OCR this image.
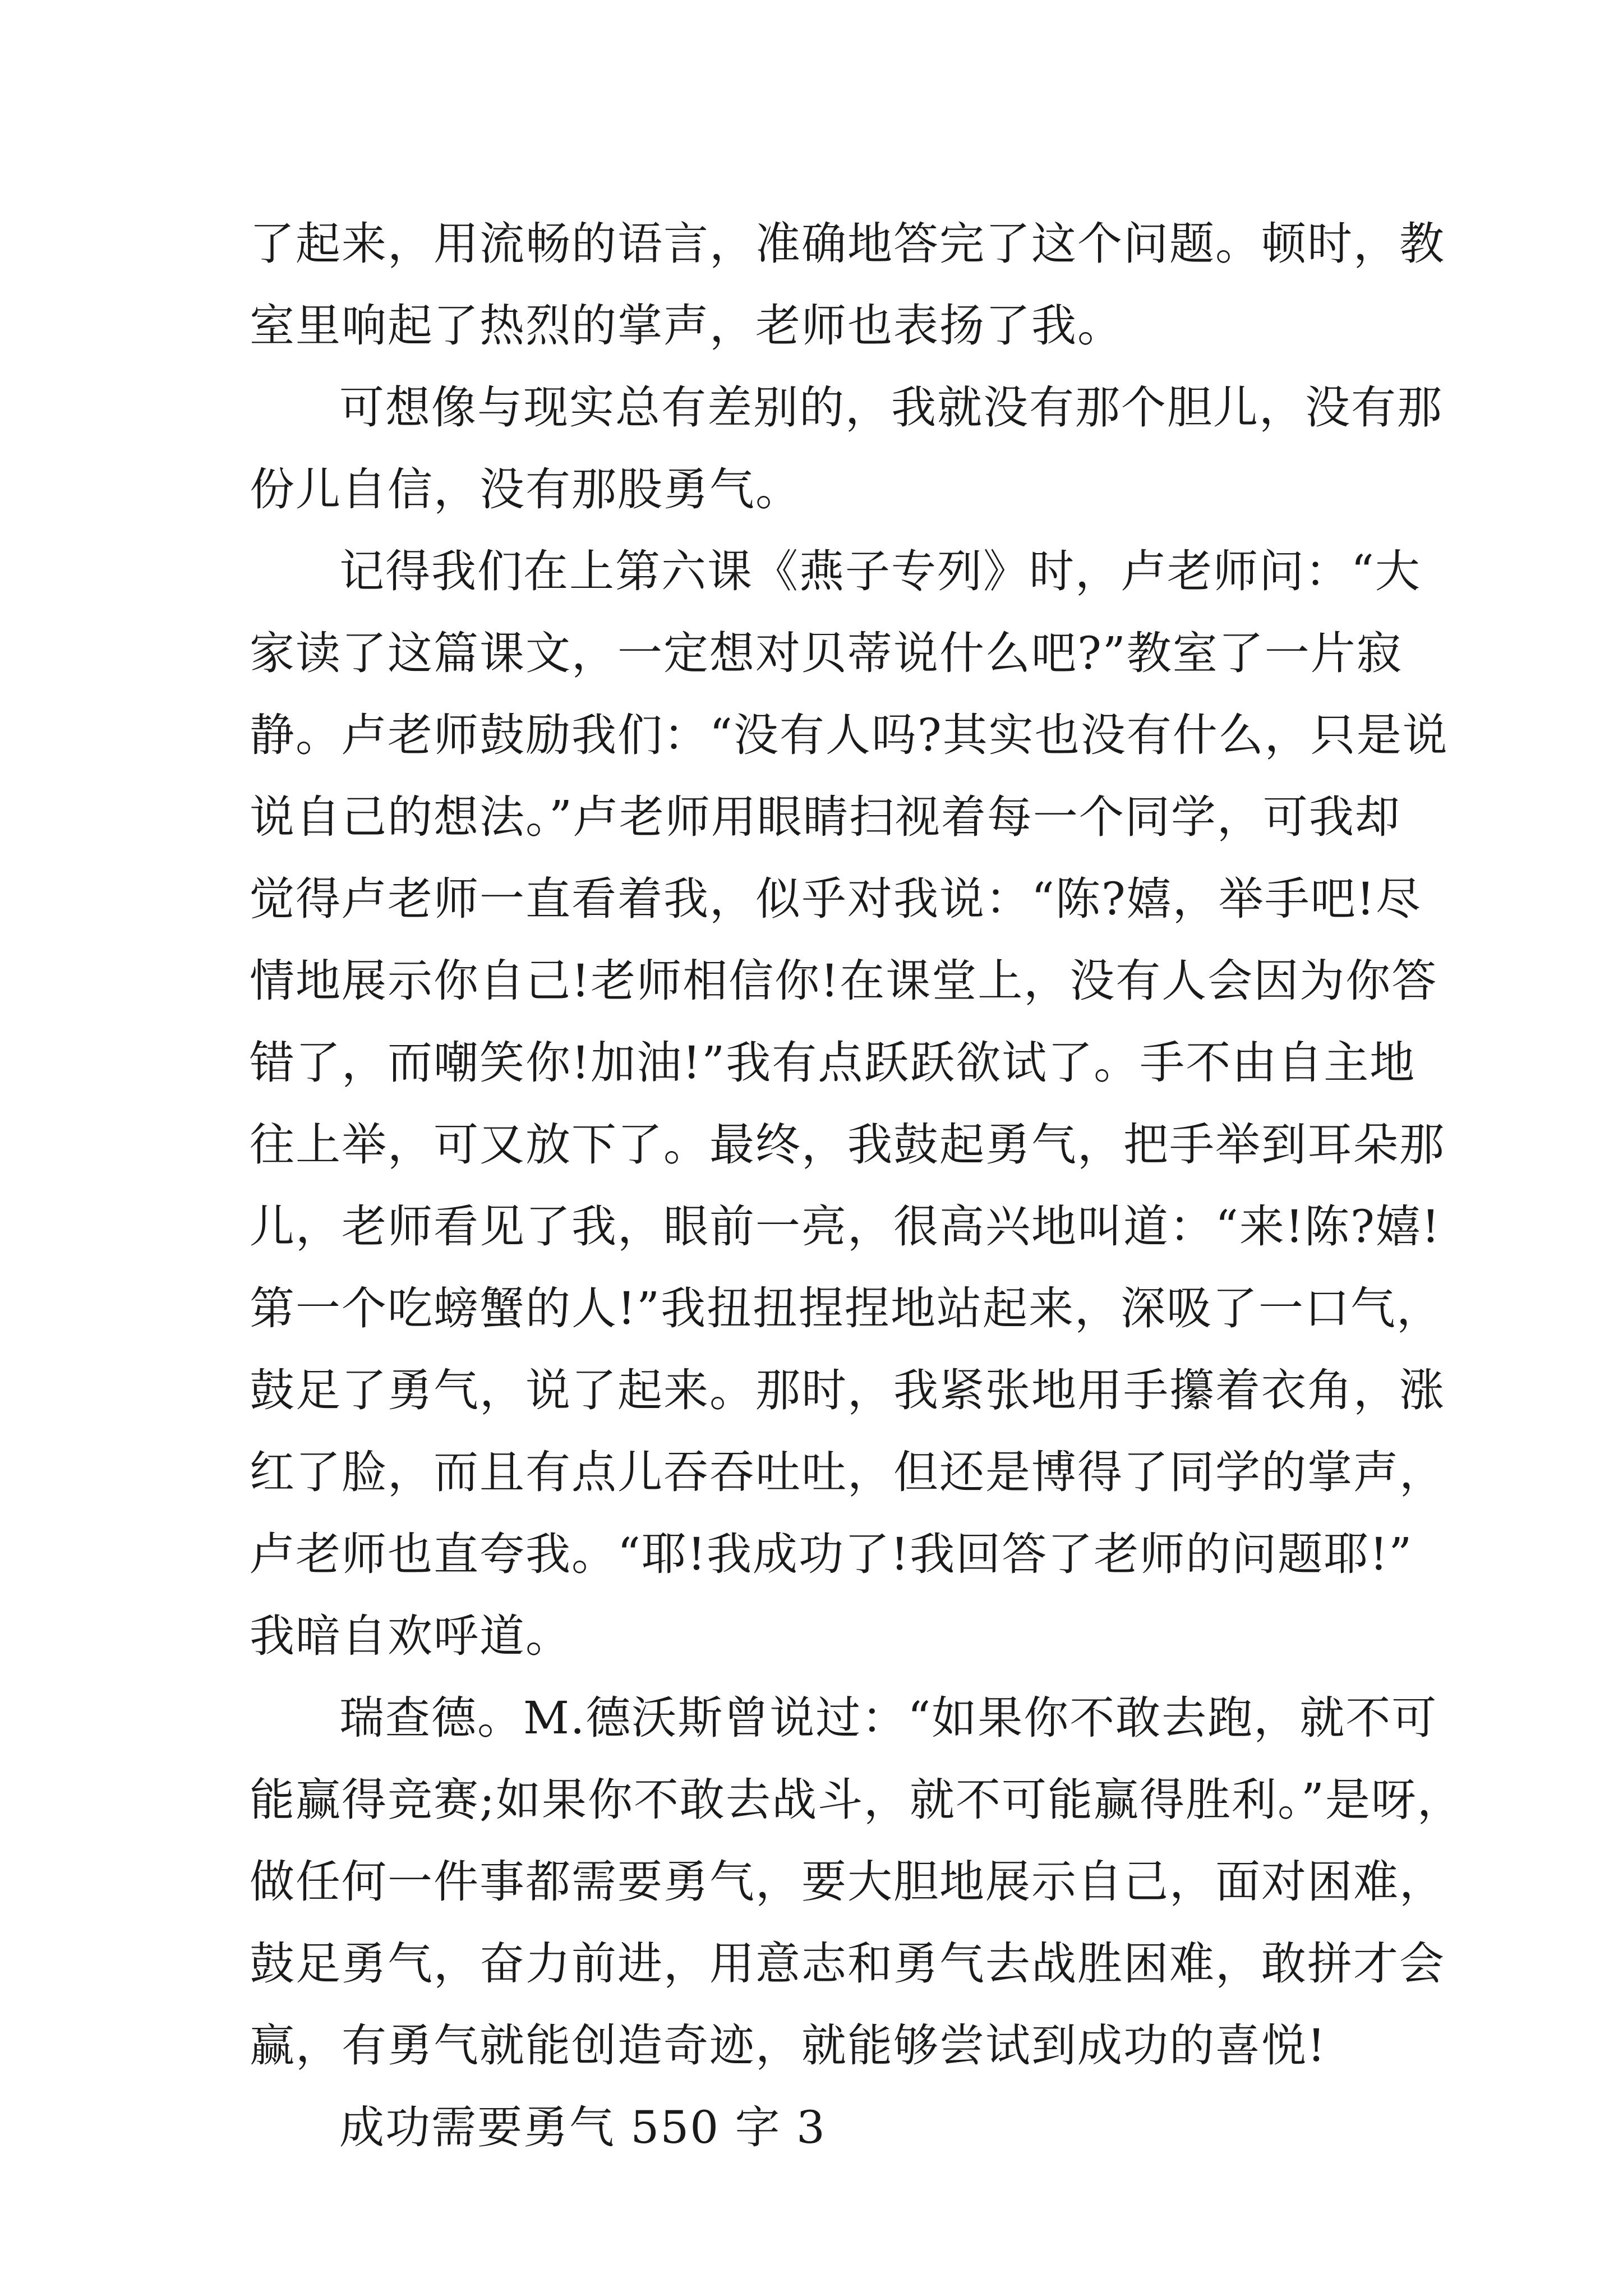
了起来，用流畅的语言，准确地答完了这个问题。顿时，教
室里响起了热烈的掌声，老师也表扬了我。
可想像与现实总有差别的，我就没有那个胆儿，没有那
份儿自信，没有那股勇气。
记得我们在上第六课《燕子专列》时，卢老师问：“大
家读了这篇课文，一定想对贝蒂说什么吧?”教室了一片寂
静。卢老师鼓励我们：“没有人吗?其实也没有什么，只是说
说自己的想法。”卢老师用眼睛扫视着每一个同学，可我却
觉得卢老师一直看着我，似乎对我说：“陈?嬉，举手吧!尽
情地展示你自己!老师相信你!在课堂上，没有人会因为你答
错了，而嘲笑你!加油!”我有点跃跃欲试了。手不由自主地
往上举，可又放下了。最终，我鼓起勇气，把手举到耳朵那
儿，老师看见了我，眼前一亮，很高兴地叫道：“来!陈?嬉!
第一个吃螃蟹的人!”我扭扭捏捏地站起来，深吸了一口气，
鼓足了勇气，说了起来。那时，我紧张地用手攥着衣角，涨
红了脸，而且有点儿吞吞吐吐，但还是博得了同学的掌声，
卢老师也直夸我。“耶!我成功了!我回答了老师的问题耶!”
我暗自欢呼道。
瑞查德。M.德沃斯曾说过：“如果你不敢去跑，就不可
能赢得竞赛;如果你不敢去战斗，就不可能赢得胜利。”是呀，
做任何一件事都需要勇气，要大胆地展示自己，面对困难，
鼓足勇气，奋力前进，用意志和勇气去战胜困难，敢拼才会
赢，有勇气就能创造奇迹，就能够尝试到成功的喜悦!
成功需要勇气 550 字 3
